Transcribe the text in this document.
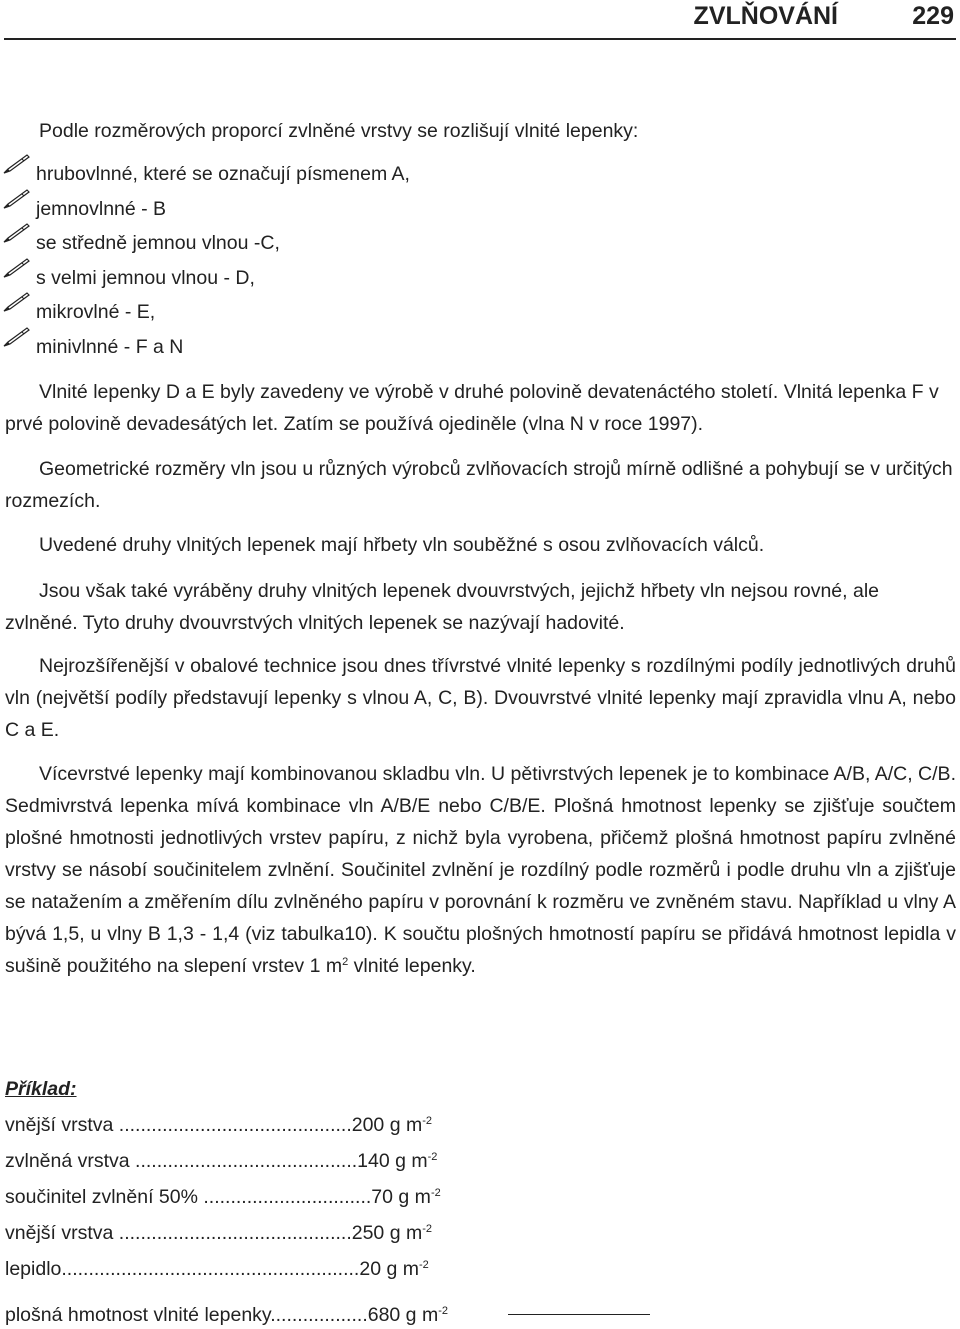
ZVLŇOVÁNÍ	229
Podle rozměrových proporcí zvlněné vrstvy se rozlišují vlnité lepenky:
hrubovlnné, které se označují písmenem A,
jemnovlnné - B
se středně jemnou vlnou -C,
s velmi jemnou vlnou - D,
mikrovlné - E,
minivlnné - F a N
Vlnité lepenky D a E byly zavedeny ve výrobě v druhé polovině devatenáctého století. Vlnitá lepenka F v prvé polovině devadesátých let. Zatím se používá ojediněle (vlna N v roce 1997).
Geometrické rozměry vln jsou u různých výrobců zvlňovacích strojů mírně odlišné a pohybují se v určitých rozmezích.
Uvedené druhy vlnitých lepenek mají hřbety vln souběžné s osou zvlňovacích válců.
Jsou však také vyráběny druhy vlnitých lepenek dvouvrstvých, jejichž hřbety vln nejsou rovné, ale zvlněné. Tyto druhy dvouvrstvých vlnitých lepenek se nazývají hadovité.
Nejrozšířenější v obalové technice jsou dnes třívrstvé vlnité lepenky s rozdílnými podíly jednotlivých druhů vln (největší podíly představují lepenky s vlnou A, C, B). Dvouvrstvé vlnité lepenky mají zpravidla vlnu A, nebo C a E.
Vícevrstvé lepenky mají kombinovanou skladbu vln. U pětivrstvých lepenek je to kombinace A/B, A/C, C/B. Sedmivrstvá lepenka mívá kombinace vln A/B/E nebo C/B/E. Plošná hmotnost lepenky se zjišťuje součtem plošné hmotnosti jednotlivých vrstev papíru, z nichž byla vyrobena, přičemž plošná hmotnost papíru zvlněné vrstvy se násobí součinitelem zvlnění. Součinitel zvlnění je rozdílný podle rozměrů i podle druhu vln a zjišťuje se natažením a změřením dílu zvlněného papíru v porovnání k rozměru ve zvněném stavu. Například u vlny A bývá 1,5, u vlny B 1,3 - 1,4 (viz tabulka10). K součtu plošných hmotností papíru se přidává hmotnost lepidla v sušině použitého na slepení vrstev 1 $m^2$ vlnité lepenky.
Příklad:
vnější vrstva ...........................................200 g $m^{-2}$
zvlněná vrstva .........................................140 g $m^{-2}$
součinitel zvlnění 50% ...............................70 g $m^{-2}$
vnější vrstva ...........................................250 g $m^{-2}$
lepidlo.......................................................20 g $m^{-2}$
plošná hmotnost vlnité lepenky..................680 g $m^{-2}$
